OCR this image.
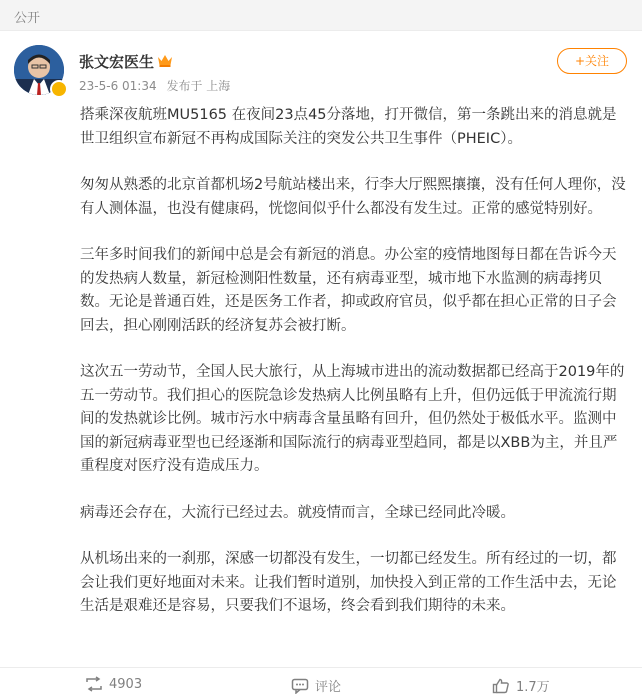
公开
张文宏医生
23-5-6 01:34 发布于 上海
+关注

搭乘深夜航班MU5165 在夜间23点45分落地，打开微信，第一条跳出来的消息就是世卫组织宣布新冠不再构成国际关注的突发公共卫生事件（PHEIC）。

匆匆从熟悉的北京首都机场2号航站楼出来，行李大厅熙熙攘攘，没有任何人理你，没有人测体温，也没有健康码，恍惚间似乎什么都没有发生过。正常的感觉特别好。

三年多时间我们的新闻中总是会有新冠的消息。办公室的疫情地图每日都在告诉今天的发热病人数量，新冠检测阳性数量，还有病毒亚型，城市地下水监测的病毒拷贝数。无论是普通百姓，还是医务工作者，抑或政府官员，似乎都在担心正常的日子会回去，担心刚刚活跃的经济复苏会被打断。

这次五一劳动节，全国人民大旅行，从上海城市进出的流动数据都已经高于2019年的五一劳动节。我们担心的医院急诊发热病人比例虽略有上升，但仍远低于甲流流行期间的发热就诊比例。城市污水中病毒含量虽略有回升，但仍然处于极低水平。监测中国的新冠病毒亚型也已经逐渐和国际流行的病毒亚型趋同，都是以XBB为主，并且严重程度对医疗没有造成压力。

病毒还会存在，大流行已经过去。就疫情而言，全球已经同此冷暖。

从机场出来的一刹那，深感一切都没有发生，一切都已经发生。所有经过的一切，都会让我们更好地面对未来。让我们暂时道别，加快投入到正常的工作生活中去，无论生活是艰难还是容易，只要我们不退场，终会看到我们期待的未来。

4903	评论	1.7万
